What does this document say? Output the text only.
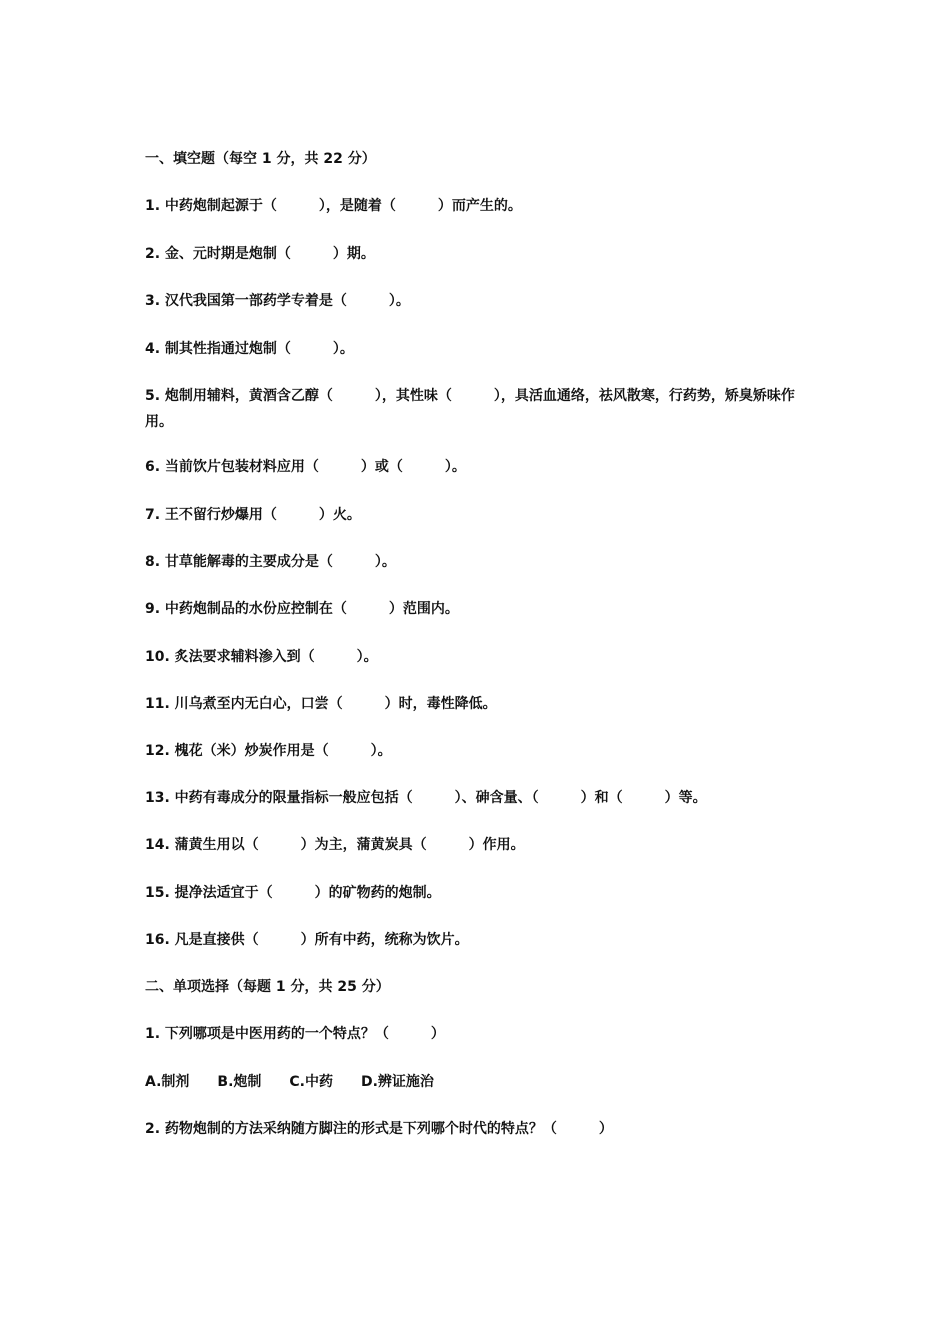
一、填空题（每空 1 分，共 22 分）
1. 中药炮制起源于（　　　），是随着（　　　）而产生的。
2. 金、元时期是炮制（　　　）期。
3. 汉代我国第一部药学专着是（　　　）。
4. 制其性指通过炮制（　　　）。
5. 炮制用辅料，黄酒含乙醇（　　　），其性味（　　　），具活血通络，祛风散寒，行药势，矫臭矫味作用。
6. 当前饮片包装材料应用（　　　）或（　　　）。
7. 王不留行炒爆用（　　　）火。
8. 甘草能解毒的主要成分是（　　　）。
9. 中药炮制品的水份应控制在（　　　）范围内。
10. 炙法要求辅料渗入到（　　　）。
11. 川乌煮至内无白心，口尝（　　　）时，毒性降低。
12. 槐花（米）炒炭作用是（　　　）。
13. 中药有毒成分的限量指标一般应包括（　　　）、砷含量、（　　　）和（　　　）等。
14. 蒲黄生用以（　　　）为主，蒲黄炭具（　　　）作用。
15. 提净法适宜于（　　　）的矿物药的炮制。
16. 凡是直接供（　　　）所有中药，统称为饮片。
二、单项选择（每题 1 分，共 25 分）
1. 下列哪项是中医用药的一个特点？（　　　）
A.制剂　　B.炮制　　C.中药　　D.辨证施治
2. 药物炮制的方法采纳随方脚注的形式是下列哪个时代的特点？（　　　）
